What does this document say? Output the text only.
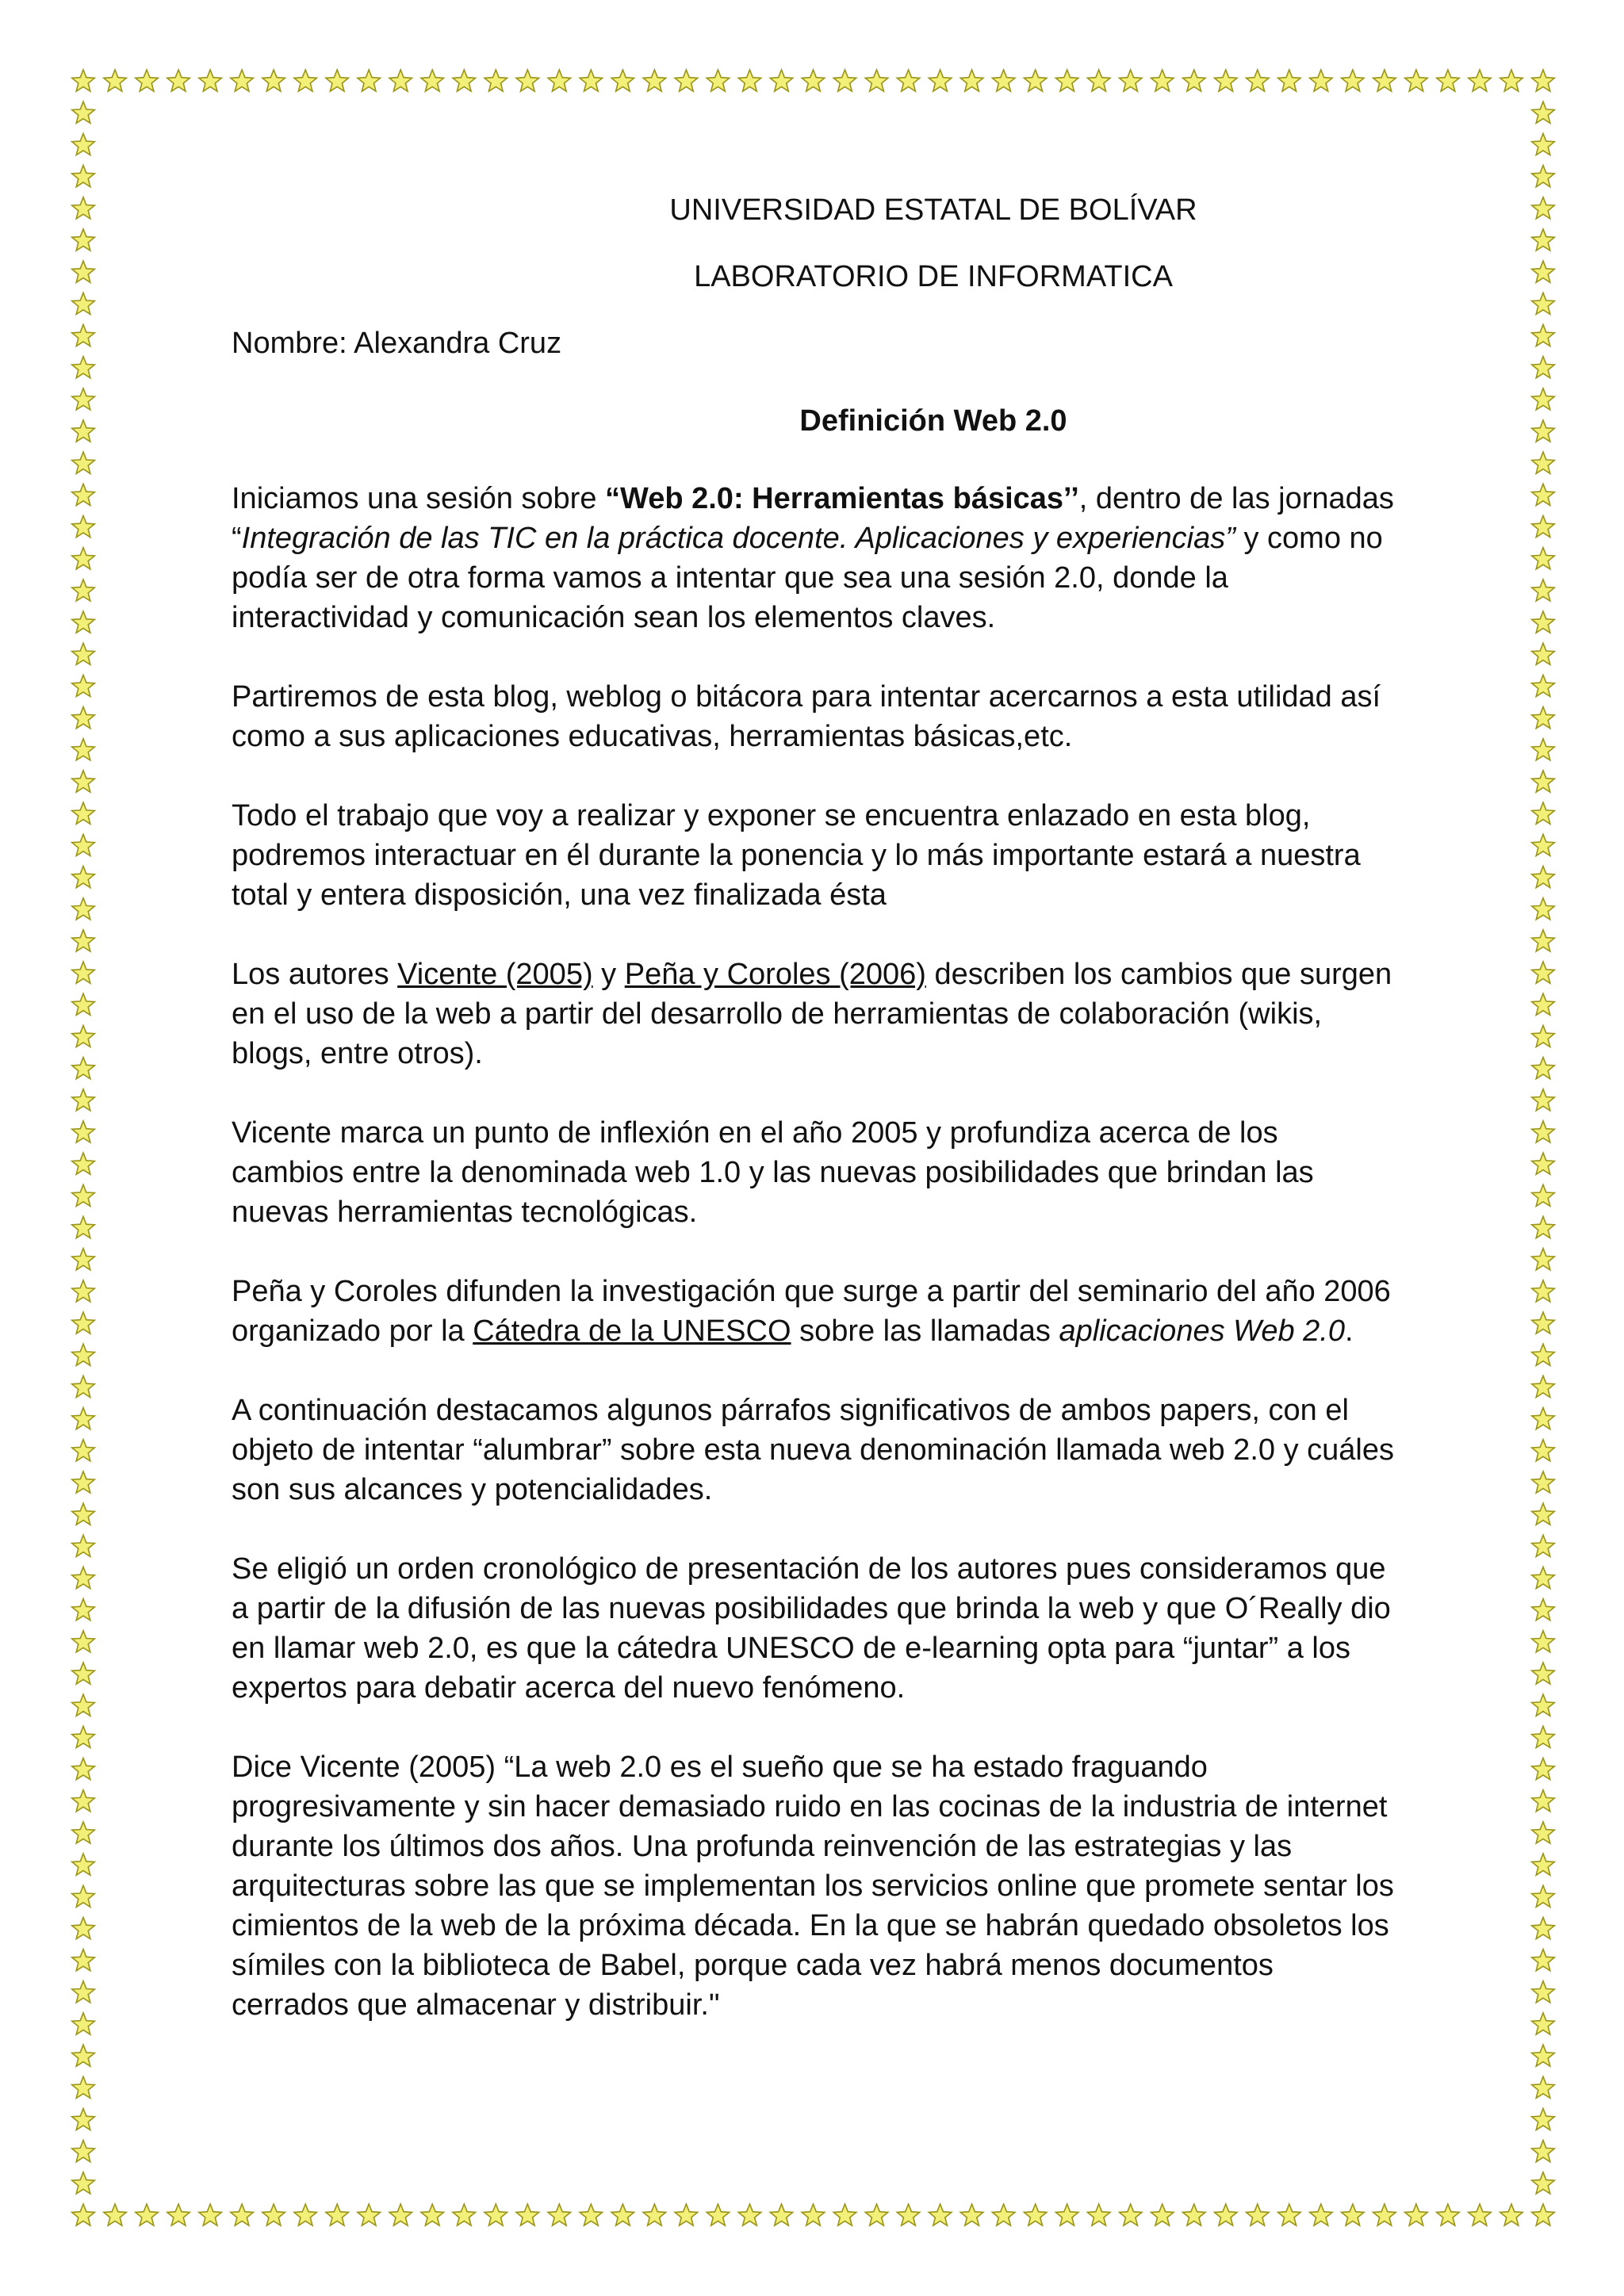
UNIVERSIDAD ESTATAL DE BOLÍVAR
LABORATORIO DE INFORMATICA
Nombre: Alexandra Cruz
Definición Web 2.0

Iniciamos una sesión sobre “Web 2.0: Herramientas básicas’’, dentro de las jornadas “Integración de las TIC en la práctica docente. Aplicaciones y experiencias” y como no podía ser de otra forma vamos a intentar que sea una sesión 2.0, donde la interactividad y comunicación sean los elementos claves.

Partiremos de esta blog, weblog o bitácora para intentar acercarnos a esta utilidad así como a sus aplicaciones educativas, herramientas básicas,etc.

Todo el trabajo que voy a realizar y exponer se encuentra enlazado en esta blog, podremos interactuar en él durante la ponencia y lo más importante estará a nuestra total y entera disposición, una vez finalizada ésta

Los autores Vicente (2005) y Peña y Coroles (2006) describen los cambios que surgen en el uso de la web a partir del desarrollo de herramientas de colaboración (wikis, blogs, entre otros).

Vicente marca un punto de inflexión en el año 2005 y profundiza acerca de los cambios entre la denominada web 1.0 y las nuevas posibilidades que brindan las nuevas herramientas tecnológicas.

Peña y Coroles difunden la investigación que surge a partir del seminario del año 2006 organizado por la Cátedra de la UNESCO sobre las llamadas aplicaciones Web 2.0.

A continuación destacamos algunos párrafos significativos de ambos papers, con el objeto de intentar “alumbrar” sobre esta nueva denominación llamada web 2.0 y cuáles son sus alcances y potencialidades.

Se eligió un orden cronológico de presentación de los autores pues consideramos que a partir de la difusión de las nuevas posibilidades que brinda la web y que O´Really dio en llamar web 2.0, es que la cátedra UNESCO de e-learning opta para “juntar” a los expertos para debatir acerca del nuevo fenómeno.

Dice Vicente (2005) “La web 2.0 es el sueño que se ha estado fraguando progresivamente y sin hacer demasiado ruido en las cocinas de la industria de internet durante los últimos dos años. Una profunda reinvención de las estrategias y las arquitecturas sobre las que se implementan los servicios online que promete sentar los cimientos de la web de la próxima década. En la que se habrán quedado obsoletos los símiles con la biblioteca de Babel, porque cada vez habrá menos documentos cerrados que almacenar y distribuir."
